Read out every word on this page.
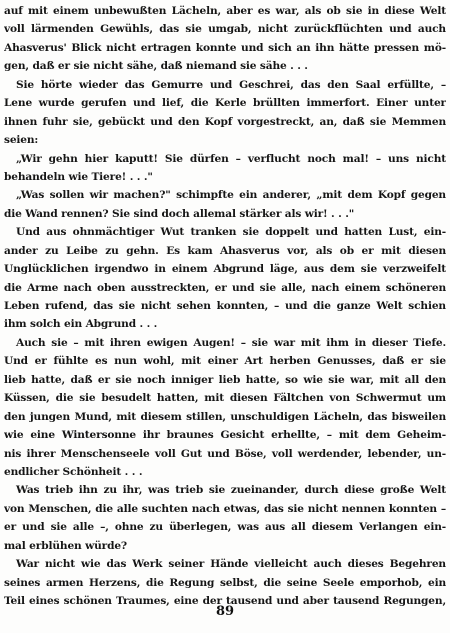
auf mit einem unbewußten Lächeln, aber es war, als ob sie in diese Welt
voll lärmenden Gewühls, das sie umgab, nicht zurückflüchten und auch
Ahasverus' Blick nicht ertragen konnte und sich an ihn hätte pressen mö-
gen, daß er sie nicht sähe, daß niemand sie sähe . . .
Sie hörte wieder das Gemurre und Geschrei, das den Saal erfüllte, –
Lene wurde gerufen und lief, die Kerle brüllten immerfort. Einer unter
ihnen fuhr sie, gebückt und den Kopf vorgestreckt, an, daß sie Memmen
seien:
„Wir gehn hier kaputt! Sie dürfen – verflucht noch mal! – uns nicht
behandeln wie Tiere! . . ."
„Was sollen wir machen?" schimpfte ein anderer, „mit dem Kopf gegen
die Wand rennen? Sie sind doch allemal stärker als wir! . . ."
Und aus ohnmächtiger Wut tranken sie doppelt und hatten Lust, ein-
ander zu Leibe zu gehn. Es kam Ahasverus vor, als ob er mit diesen
Unglücklichen irgendwo in einem Abgrund läge, aus dem sie verzweifelt
die Arme nach oben ausstreckten, er und sie alle, nach einem schöneren
Leben rufend, das sie nicht sehen konnten, – und die ganze Welt schien
ihm solch ein Abgrund . . .
Auch sie – mit ihren ewigen Augen! – sie war mit ihm in dieser Tiefe.
Und er fühlte es nun wohl, mit einer Art herben Genusses, daß er sie
lieb hatte, daß er sie noch inniger lieb hatte, so wie sie war, mit all den
Küssen, die sie besudelt hatten, mit diesen Fältchen von Schwermut um
den jungen Mund, mit diesem stillen, unschuldigen Lächeln, das bisweilen
wie eine Wintersonne ihr braunes Gesicht erhellte, – mit dem Geheim-
nis ihrer Menschenseele voll Gut und Böse, voll werdender, lebender, un-
endlicher Schönheit . . .
Was trieb ihn zu ihr, was trieb sie zueinander, durch diese große Welt
von Menschen, die alle suchten nach etwas, das sie nicht nennen konnten –
er und sie alle –, ohne zu überlegen, was aus all diesem Verlangen ein-
mal erblühen würde?
War nicht wie das Werk seiner Hände vielleicht auch dieses Begehren
seines armen Herzens, die Regung selbst, die seine Seele emporhob, ein
Teil eines schönen Traumes, eine der tausend und aber tausend Regungen,
89
